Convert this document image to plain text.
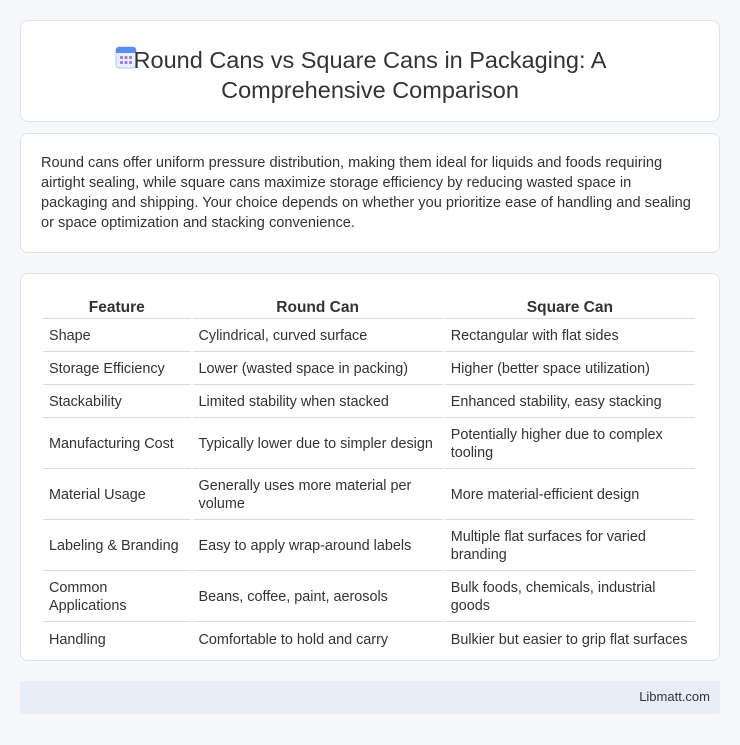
Round Cans vs Square Cans in Packaging: A
Comprehensive Comparison

Round cans offer uniform pressure distribution, making them ideal for liquids and foods requiring airtight sealing, while square cans maximize storage efficiency by reducing wasted space in packaging and shipping. Your choice depends on whether you prioritize ease of handling and sealing or space optimization and stacking convenience.

Feature	Round Can	Square Can
Shape	Cylindrical, curved surface	Rectangular with flat sides
Storage Efficiency	Lower (wasted space in packing)	Higher (better space utilization)
Stackability	Limited stability when stacked	Enhanced stability, easy stacking
Manufacturing Cost	Typically lower due to simpler design	Potentially higher due to complex tooling
Material Usage	Generally uses more material per volume	More material-efficient design
Labeling & Branding	Easy to apply wrap-around labels	Multiple flat surfaces for varied branding
Common Applications	Beans, coffee, paint, aerosols	Bulk foods, chemicals, industrial goods
Handling	Comfortable to hold and carry	Bulkier but easier to grip flat surfaces
Libmatt.com
